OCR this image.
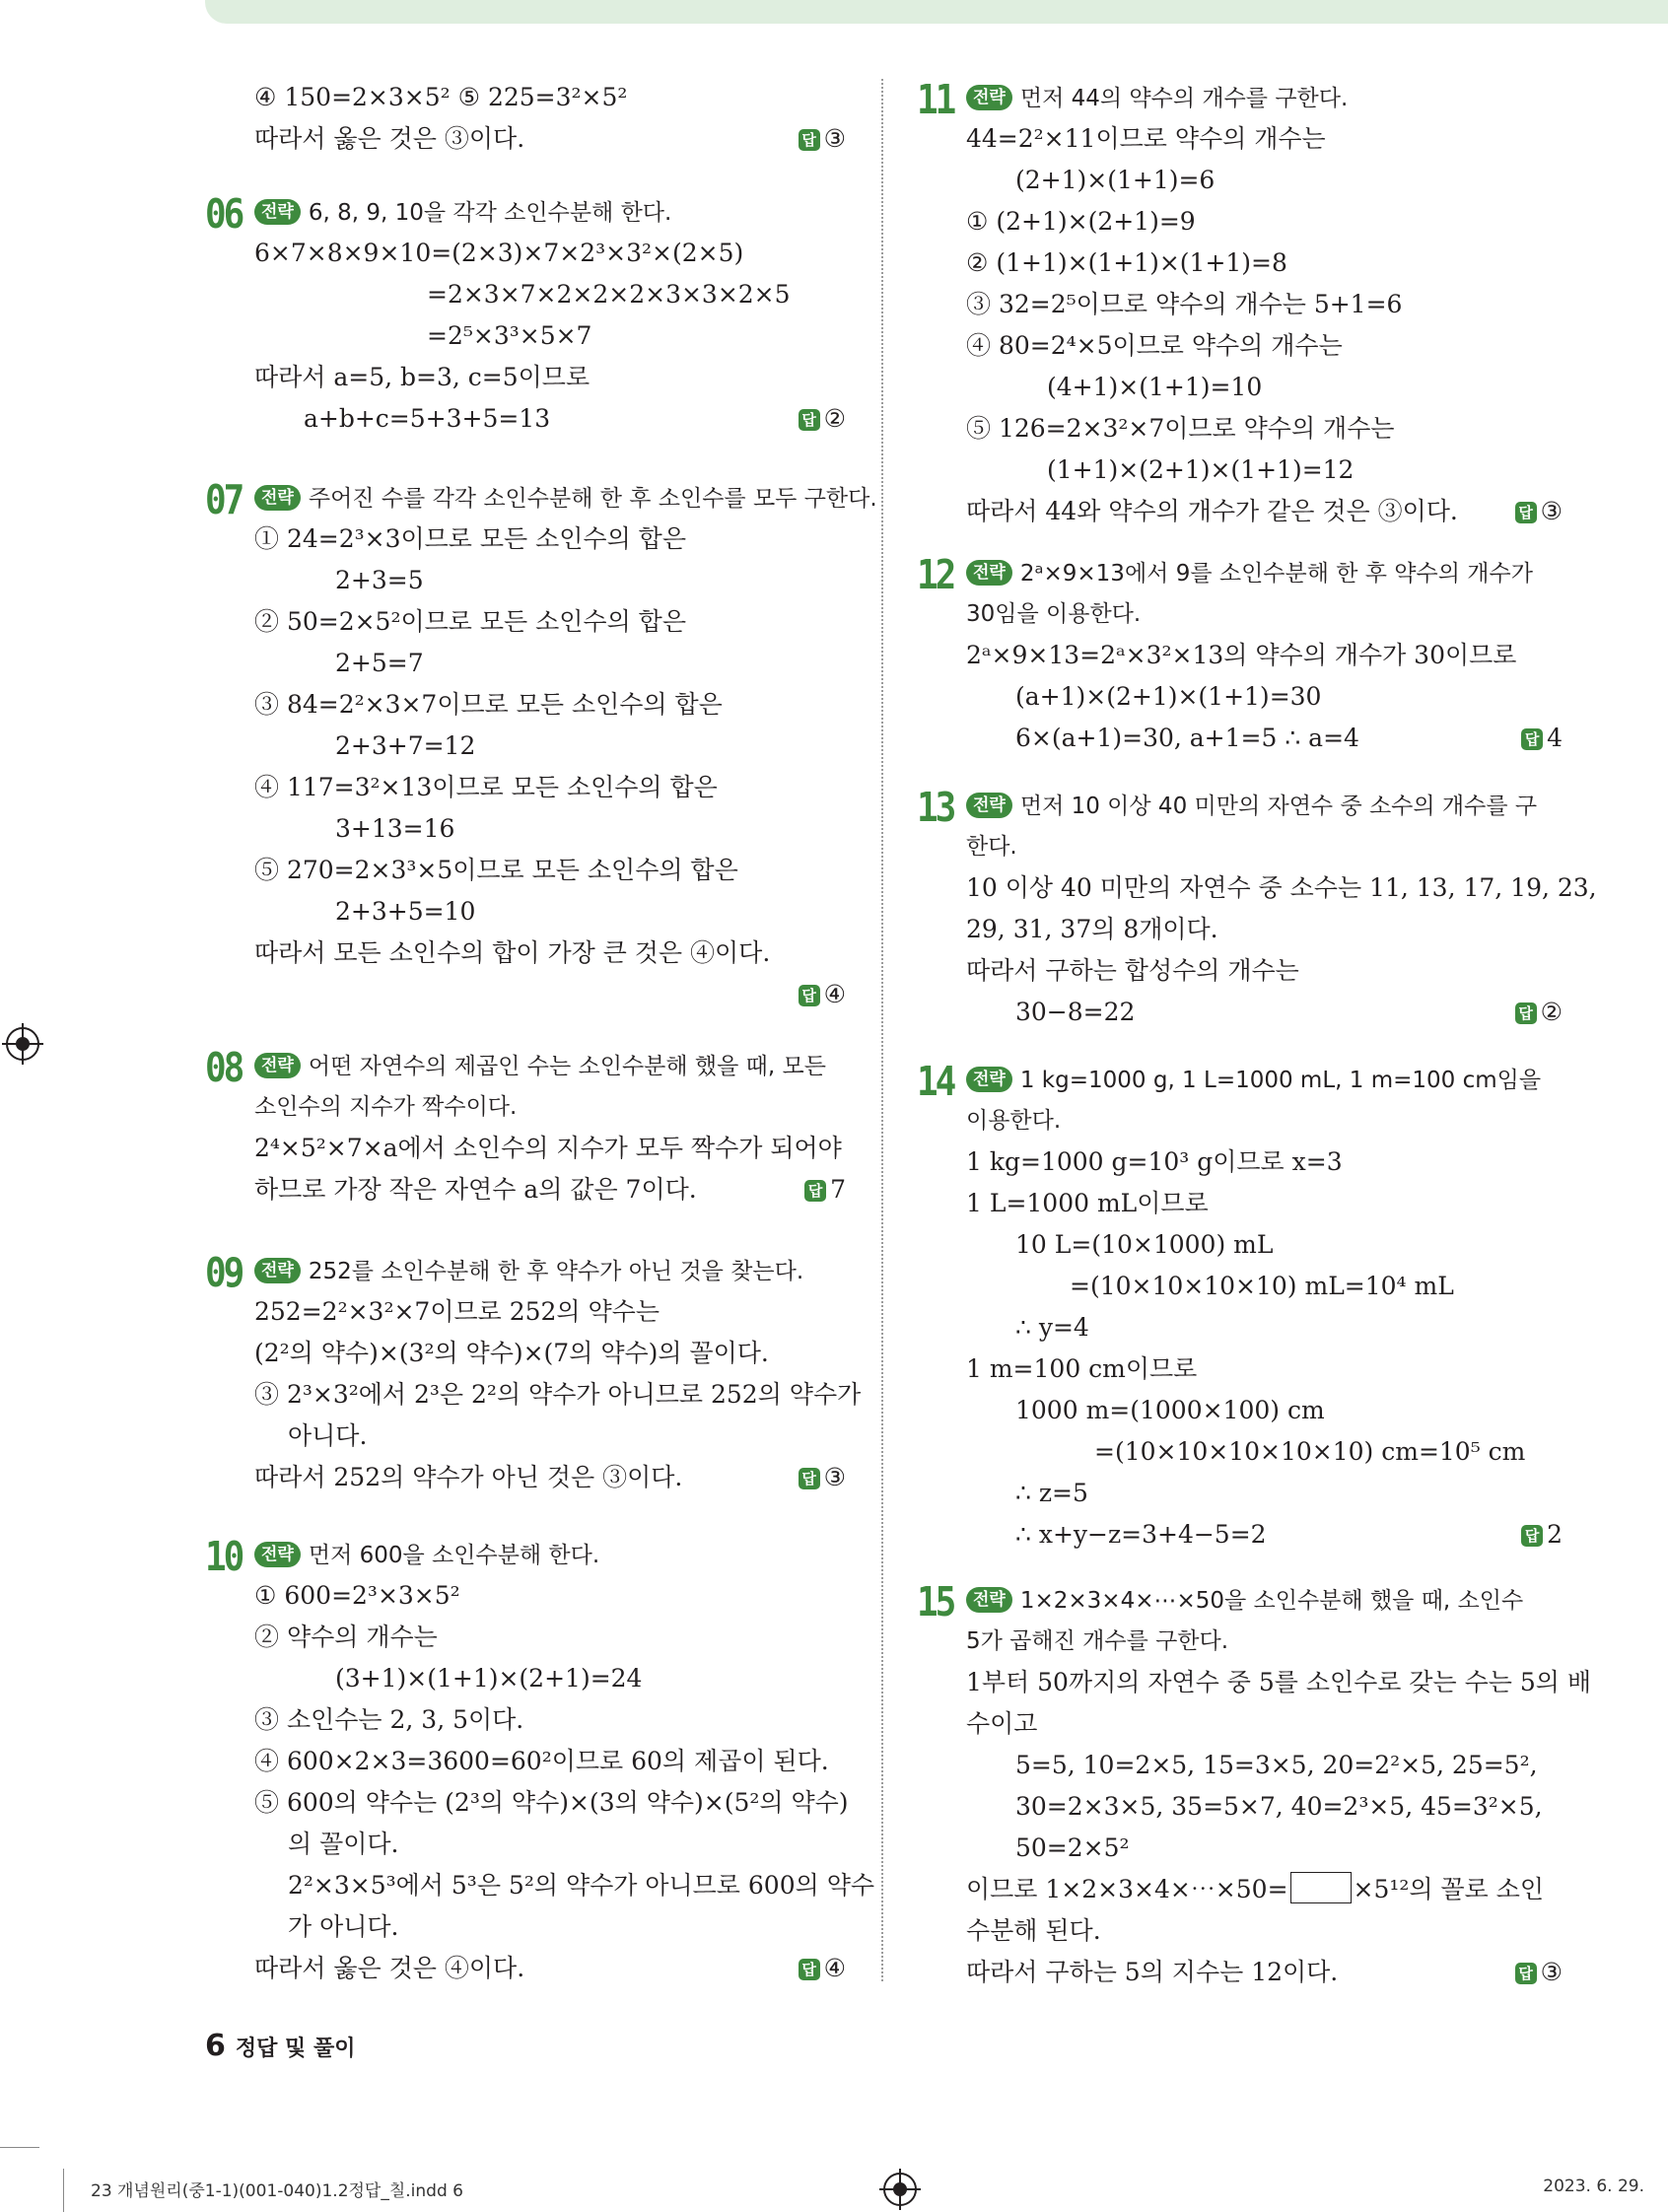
④ 150=2×3×5² ⑤ 225=3²×5²
따라서 옳은 것은 ③이다.	답 ③
06	전략 6, 8, 9, 10을 각각 소인수분해 한다.
6×7×8×9×10=(2×3)×7×2³×3²×(2×5)
=2×3×7×2×2×2×3×3×2×5
=2⁵×3³×5×7
따라서 a=5, b=3, c=5이므로
a+b+c=5+3+5=13	답 ②
07	전략 주어진 수를 각각 소인수분해 한 후 소인수를 모두 구한다.
① 24=2³×3이므로 모든 소인수의 합은
2+3=5
② 50=2×5²이므로 모든 소인수의 합은
2+5=7
③ 84=2²×3×7이므로 모든 소인수의 합은
2+3+7=12
④ 117=3²×13이므로 모든 소인수의 합은
3+13=16
⑤ 270=2×3³×5이므로 모든 소인수의 합은
2+3+5=10
따라서 모든 소인수의 합이 가장 큰 것은 ④이다.
답 ④
08	전략 어떤 자연수의 제곱인 수는 소인수분해 했을 때, 모든
소인수의 지수가 짝수이다.
2⁴×5²×7×a에서 소인수의 지수가 모두 짝수가 되어야
하므로 가장 작은 자연수 a의 값은 7이다.	답 7
09	전략 252를 소인수분해 한 후 약수가 아닌 것을 찾는다.
252=2²×3²×7이므로 252의 약수는
(2²의 약수)×(3²의 약수)×(7의 약수)의 꼴이다.
③ 2³×3²에서 2³은 2²의 약수가 아니므로 252의 약수가
아니다.
따라서 252의 약수가 아닌 것은 ③이다.	답 ③
10	전략 먼저 600을 소인수분해 한다.
① 600=2³×3×5²
② 약수의 개수는
(3+1)×(1+1)×(2+1)=24
③ 소인수는 2, 3, 5이다.
④ 600×2×3=3600=60²이므로 60의 제곱이 된다.
⑤ 600의 약수는 (2³의 약수)×(3의 약수)×(5²의 약수)
의 꼴이다.
2²×3×5³에서 5³은 5²의 약수가 아니므로 600의 약수
가 아니다.
따라서 옳은 것은 ④이다.	답 ④
11	전략 먼저 44의 약수의 개수를 구한다.
44=2²×11이므로 약수의 개수는
(2+1)×(1+1)=6
① (2+1)×(2+1)=9
② (1+1)×(1+1)×(1+1)=8
③ 32=2⁵이므로 약수의 개수는 5+1=6
④ 80=2⁴×5이므로 약수의 개수는
(4+1)×(1+1)=10
⑤ 126=2×3²×7이므로 약수의 개수는
(1+1)×(2+1)×(1+1)=12
따라서 44와 약수의 개수가 같은 것은 ③이다.	답 ③
12	전략 2ᵃ×9×13에서 9를 소인수분해 한 후 약수의 개수가
30임을 이용한다.
2ᵃ×9×13=2ᵃ×3²×13의 약수의 개수가 30이므로
(a+1)×(2+1)×(1+1)=30
6×(a+1)=30, a+1=5 ∴ a=4	답 4
13	전략 먼저 10 이상 40 미만의 자연수 중 소수의 개수를 구
한다.
10 이상 40 미만의 자연수 중 소수는 11, 13, 17, 19, 23,
29, 31, 37의 8개이다.
따라서 구하는 합성수의 개수는
30−8=22	답 ②
14	전략 1 kg=1000 g, 1 L=1000 mL, 1 m=100 cm임을
이용한다.
1 kg=1000 g=10³ g이므로 x=3
1 L=1000 mL이므로
10 L=(10×1000) mL
=(10×10×10×10) mL=10⁴ mL
∴ y=4
1 m=100 cm이므로
1000 m=(1000×100) cm
=(10×10×10×10×10) cm=10⁵ cm
∴ z=5
∴ x+y−z=3+4−5=2	답 2
15	전략 1×2×3×4×⋯×50을 소인수분해 했을 때, 소인수
5가 곱해진 개수를 구한다.
1부터 50까지의 자연수 중 5를 소인수로 갖는 수는 5의 배
수이고
5=5, 10=2×5, 15=3×5, 20=2²×5, 25=5²,
30=2×3×5, 35=5×7, 40=2³×5, 45=3²×5,
50=2×5²
이므로 1×2×3×4×⋯×50=	×5¹²의 꼴로 소인
수분해 된다.
따라서 구하는 5의 지수는 12이다.	답 ③
6 정답 및 풀이
23 개념원리(중1-1)(001-040)1.2정답_칠.indd 6	2023. 6. 29.
